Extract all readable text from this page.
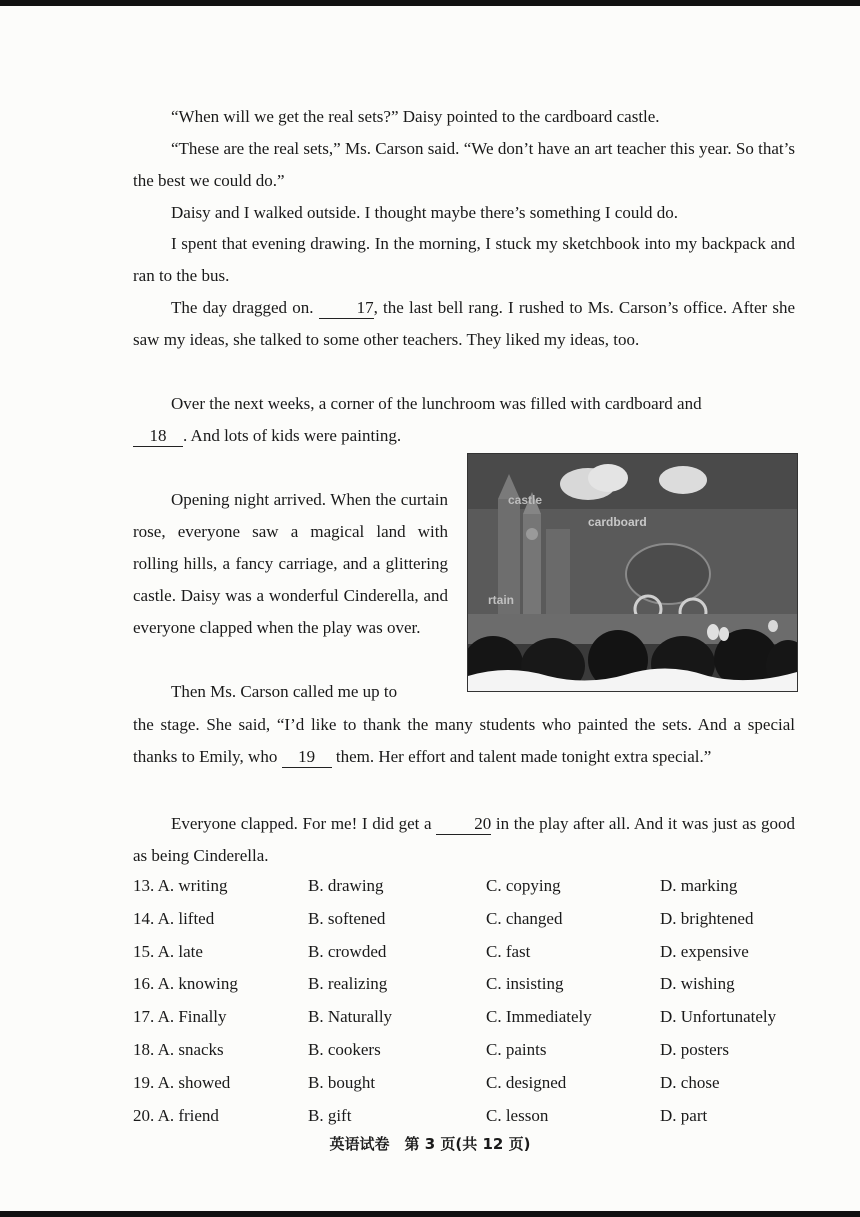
“When will we get the real sets?” Daisy pointed to the cardboard castle.
“These are the real sets,” Ms. Carson said. “We don’t have an art teacher this year. So that’s the best we could do.”
Daisy and I walked outside. I thought maybe there’s something I could do.
I spent that evening drawing. In the morning, I stuck my sketchbook into my backpack and ran to the bus.
The day dragged on.	17, the last bell rang. I rushed to Ms. Carson’s office. After she saw my ideas, she talked to some other teachers. They liked my ideas, too.
Over the next weeks, a corner of the lunchroom was filled with cardboard and
18 . And lots of kids were painting.
Opening night arrived. When the curtain rose, everyone saw a magical land with rolling hills, a fancy carriage, and a glittering castle. Daisy was a wonderful Cinderella, and everyone clapped when the play was over.
Then Ms. Carson called me up to
the stage. She said, “I’d like to thank the many students who painted the sets. And a special thanks to Emily, who 19 them. Her effort and talent made tonight extra special.”
Everyone clapped. For me! I did get a	20 in the play after all. And it was just as good as being Cinderella.
castle
cardboard
rtain
13. A. writing	B. drawing	C. copying	D. marking
14. A. lifted	B. softened	C. changed	D. brightened
15. A. late	B. crowded	C. fast	D. expensive
16. A. knowing	B. realizing	C. insisting	D. wishing
17. A. Finally	B. Naturally	C. Immediately	D. Unfortunately
18. A. snacks	B. cookers	C. paints	D. posters
19. A. showed	B. bought	C. designed	D. chose
20. A. friend	B. gift	C. lesson	D. part
英语试卷　第 3 页(共 12 页)
